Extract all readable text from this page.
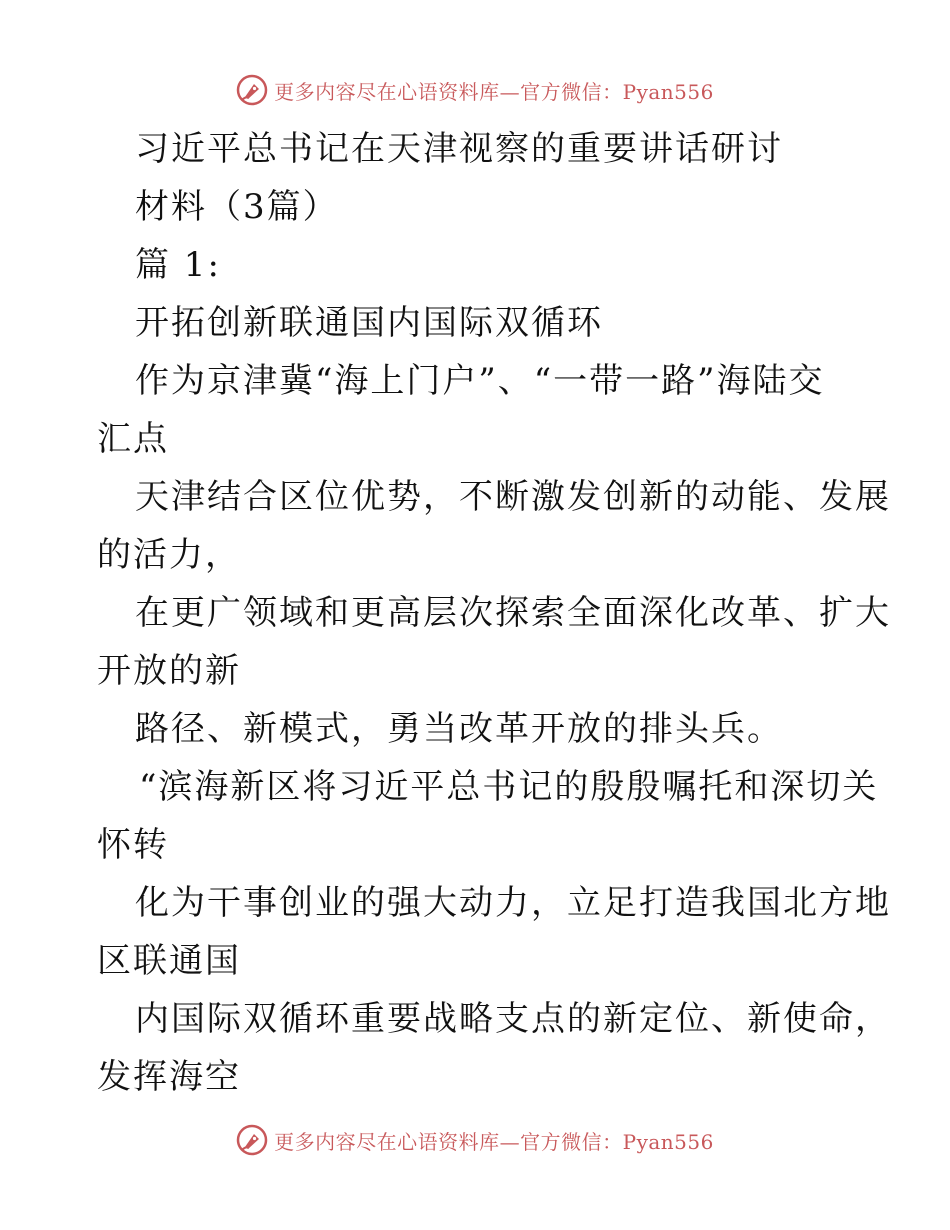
更多内容尽在心语资料库—官方微信：Pyan556
习近平总书记在天津视察的重要讲话研讨
材料（3篇）
篇 1:
开拓创新联通国内国际双循环
作为京津冀“海上门户”、“一带一路”海陆交
汇点
天津结合区位优势，不断激发创新的动能、发展
的活力，
在更广领域和更高层次探索全面深化改革、扩大
开放的新
路径、新模式，勇当改革开放的排头兵。
“滨海新区将习近平总书记的殷殷嘱托和深切关
怀转
化为干事创业的强大动力，立足打造我国北方地
区联通国
内国际双循环重要战略支点的新定位、新使命，
发挥海空
更多内容尽在心语资料库—官方微信：Pyan556
